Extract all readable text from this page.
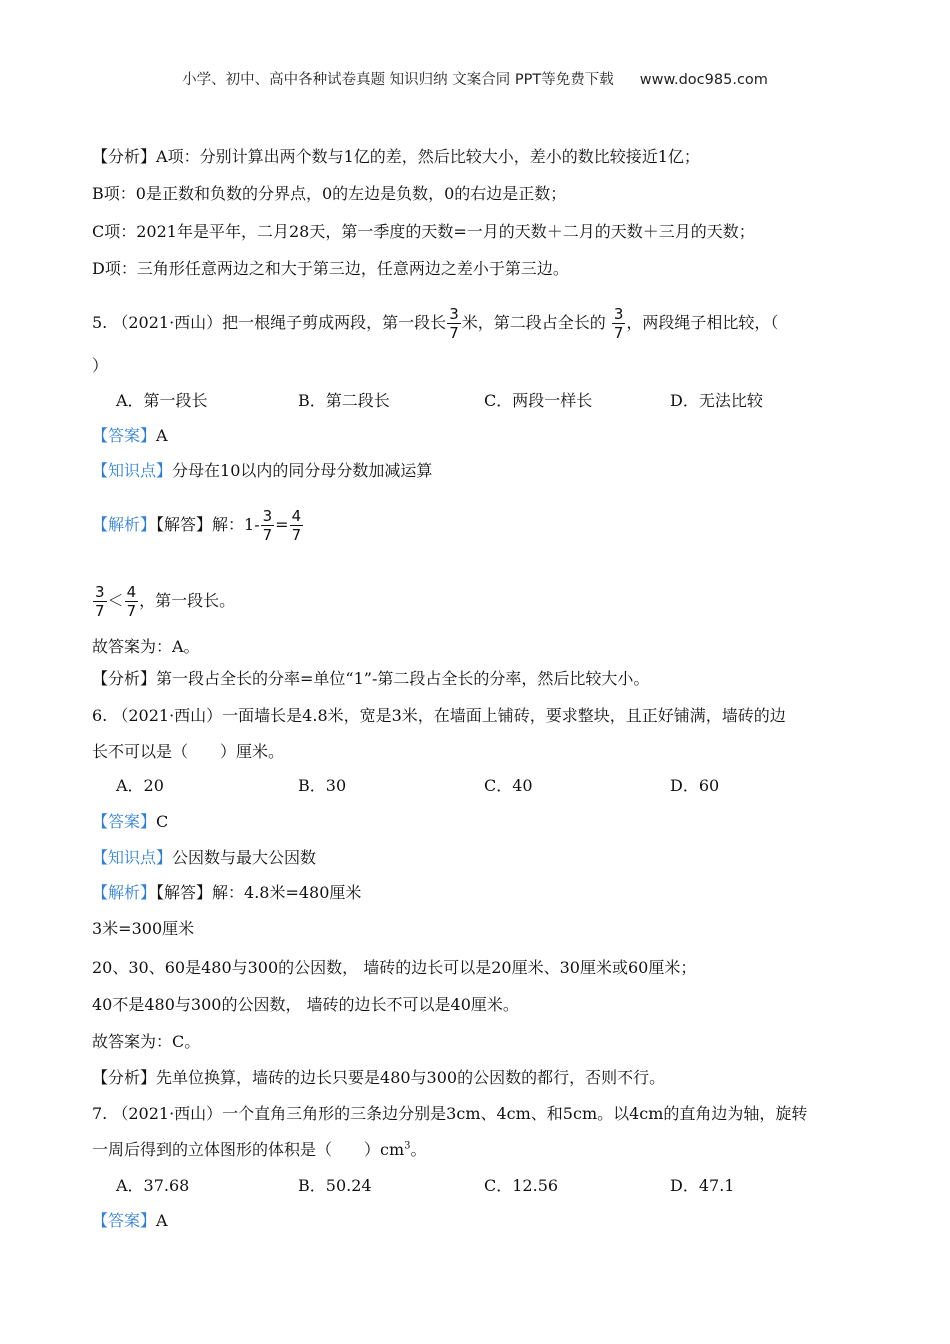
小学、初中、高中各种试卷真题 知识归纳 文案合同 PPT等免费下载 www.doc985.com
【分析】A项：分别计算出两个数与1亿的差，然后比较大小，差小的数比较接近1亿；
B项：0是正数和负数的分界点，0的左边是负数，0的右边是正数；
C项：2021年是平年，二月28天，第一季度的天数=一月的天数＋二月的天数＋三月的天数；
D项：三角形任意两边之和大于第三边，任意两边之差小于第三边。
5. （2021·西山）把一根绳子剪成两段，第一段长 $\frac{3}{7}$ 米，第二段占全长的 $\frac{3}{7}$ ，两段绳子相比较，（
）
A．第一段长	B．第二段长	C．两段一样长	D．无法比较
【答案】A
【知识点】分母在10以内的同分母分数加减运算
【解析】【解答】解：$1- \frac{3}{7} = \frac{4}{7}$
$\frac{3}{7} < \frac{4}{7}$ ，第一段长。
故答案为：A。
【分析】第一段占全长的分率=单位“1”-第二段占全长的分率，然后比较大小。
6. （2021·西山）一面墙长是4.8米，宽是3米，在墙面上铺砖，要求整块，且正好铺满，墙砖的边
长不可以是（　　）厘米。
A．20	B．30	C．40	D．60
【答案】C
【知识点】公因数与最大公因数
【解析】【解答】解：4.8米=480厘米
3米=300厘米
20、30、60是480与300的公因数， 墙砖的边长可以是20厘米、30厘米或60厘米；
40不是480与300的公因数， 墙砖的边长不可以是40厘米。
故答案为：C。
【分析】先单位换算，墙砖的边长只要是480与300的公因数的都行，否则不行。
7. （2021·西山）一个直角三角形的三条边分别是3cm、4cm、和5cm。以4cm的直角边为轴，旋转
一周后得到的立体图形的体积是（　　）$cm^3$。
A．37.68	B．50.24	C．12.56	D．47.1
【答案】A
